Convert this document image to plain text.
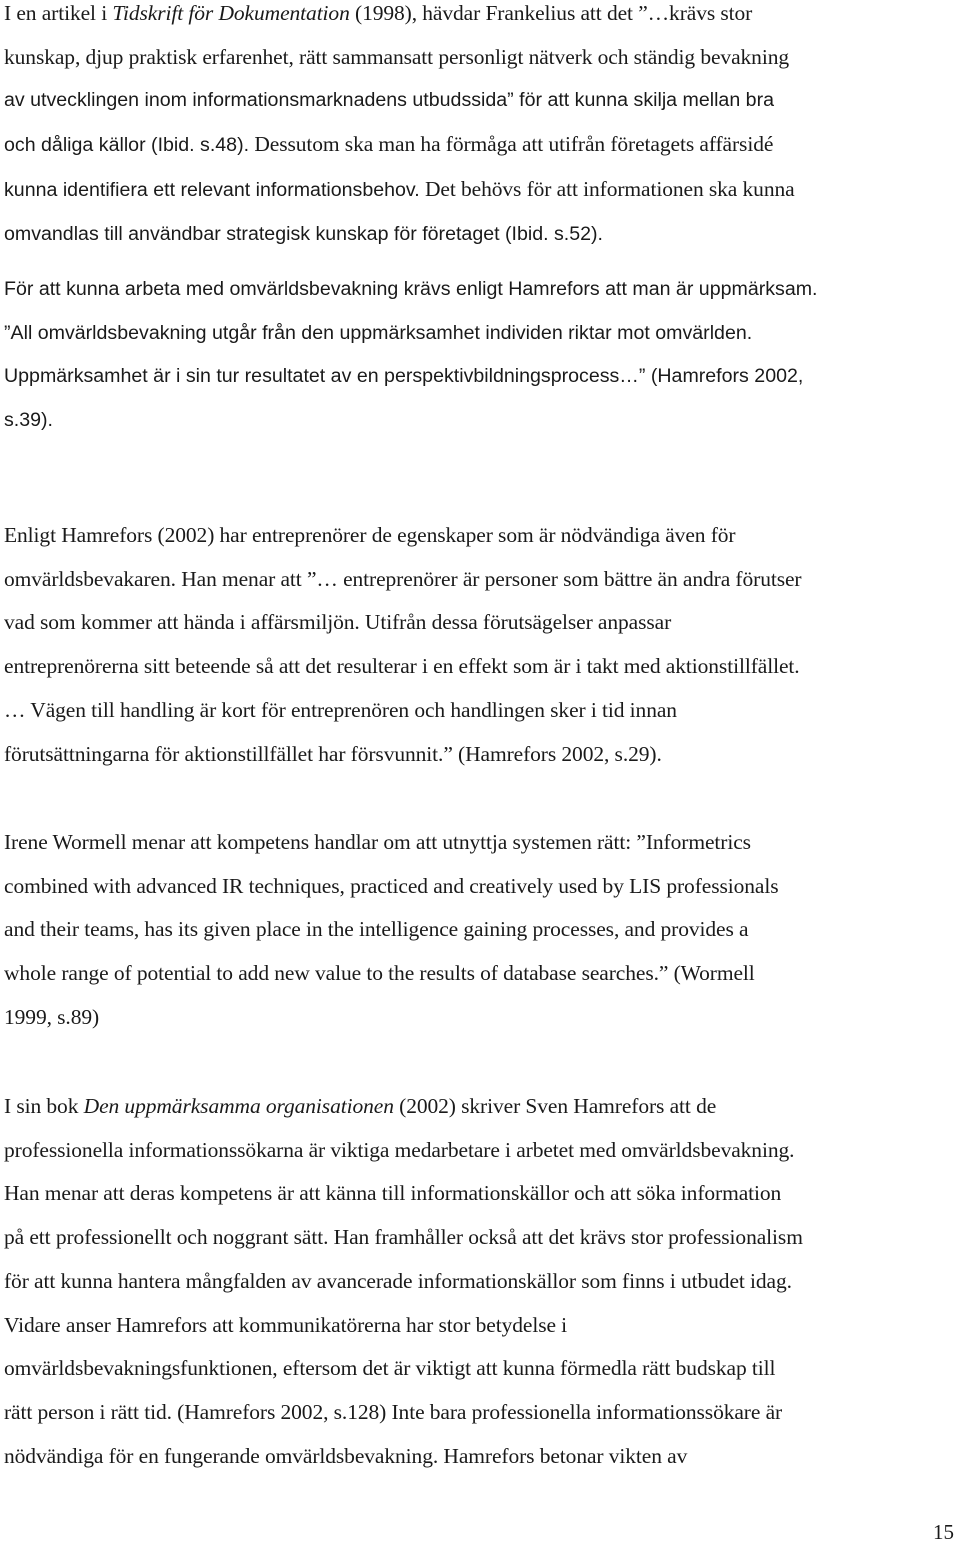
I en artikel i Tidskrift för Dokumentation (1998), hävdar Frankelius att det ”…krävs stor
kunskap, djup praktisk erfarenhet, rätt sammansatt personligt nätverk och ständig bevakning
av utvecklingen inom informationsmarknadens utbudssida” för att kunna skilja mellan bra
och dåliga källor (Ibid. s.48). Dessutom ska man ha förmåga att utifrån företagets affärsidé
kunna identifiera ett relevant informationsbehov. Det behövs för att informationen ska kunna
omvandlas till användbar strategisk kunskap för företaget (Ibid. s.52).

För att kunna arbeta med omvärldsbevakning krävs enligt Hamrefors att man är uppmärksam.
”All omvärldsbevakning utgår från den uppmärksamhet individen riktar mot omvärlden.
Uppmärksamhet är i sin tur resultatet av en perspektivbildningsprocess…” (Hamrefors 2002,
s.39).

Enligt Hamrefors (2002) har entreprenörer de egenskaper som är nödvändiga även för
omvärldsbevakaren. Han menar att ”… entreprenörer är personer som bättre än andra förutser
vad som kommer att hända i affärsmiljön. Utifrån dessa förutsägelser anpassar
entreprenörerna sitt beteende så att det resulterar i en effekt som är i takt med aktionstillfället.
… Vägen till handling är kort för entreprenören och handlingen sker i tid innan
förutsättningarna för aktionstillfället har försvunnit.” (Hamrefors 2002, s.29).

Irene Wormell menar att kompetens handlar om att utnyttja systemen rätt: ”Informetrics
combined with advanced IR techniques, practiced and creatively used by LIS professionals
and their teams, has its given place in the intelligence gaining processes, and provides a
whole range of potential to add new value to the results of database searches.” (Wormell
1999, s.89)

I sin bok Den uppmärksamma organisationen (2002) skriver Sven Hamrefors att de
professionella informationssökarna är viktiga medarbetare i arbetet med omvärldsbevakning.
Han menar att deras kompetens är att känna till informationskällor och att söka information
på ett professionellt och noggrant sätt. Han framhåller också att det krävs stor professionalism
för att kunna hantera mångfalden av avancerade informationskällor som finns i utbudet idag.
Vidare anser Hamrefors att kommunikatörerna har stor betydelse i
omvärldsbevakningsfunktionen, eftersom det är viktigt att kunna förmedla rätt budskap till
rätt person i rätt tid. (Hamrefors 2002, s.128) Inte bara professionella informationssökare är
nödvändiga för en fungerande omvärldsbevakning. Hamrefors betonar vikten av

15
